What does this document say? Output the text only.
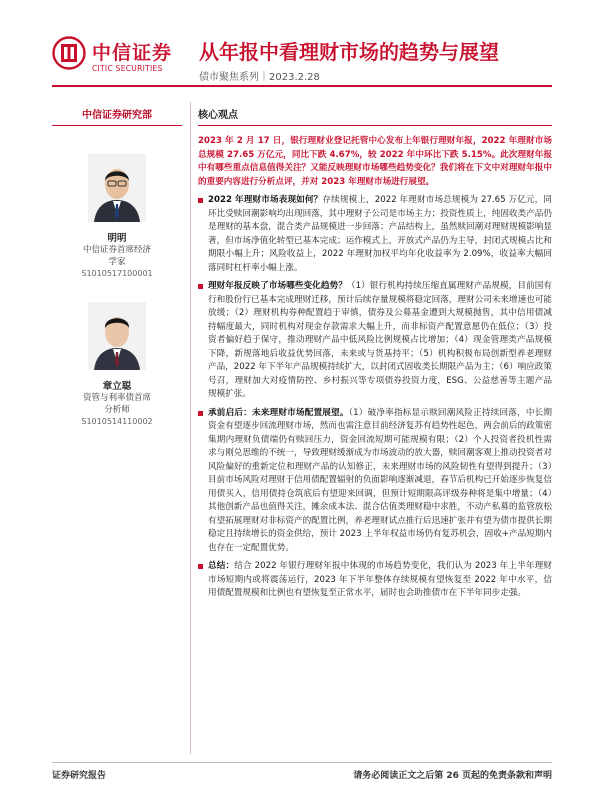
中信证券
CITIC SECURITIES
从年报中看理财市场的趋势与展望
债市聚焦系列｜2023.2.28
中信证券研究部
明明
中信证券首席经济
学家
S1010517100001
章立聪
资管与利率债首席
分析师
S1010514110002
核心观点

2023 年 2 月 17 日，银行理财业登记托管中心发布上年银行理财年报，2022 年理财市场总规模 27.65 万亿元，同比下跌 4.67%，较 2022 年中环比下跌 5.15%。此次理财年报中有哪些重点信息值得关注？又能反映理财市场哪些趋势变化？我们将在下文中对理财年报中的重要内容进行分析点评，并对 2023 年理财市场进行展望。

2022 年理财市场表现如何？存续规模上，2022 年理财市场总规模为 27.65 万亿元，同环比受赎回潮影响均出现回落，其中理财子公司是市场主力；投资性质上，纯固收类产品仍是理财的基本盘，混合类产品规模进一步回落；产品结构上，虽然赎回潮对理财规模影响显著，但市场净值化转型已基本完成；运作模式上，开放式产品仍为主导，封闭式规模占比和期限小幅上升；风险收益上，2022 年理财加权平均年化收益率为 2.09%，收益率大幅回落同时杠杆率小幅上涨。
理财年报反映了市场哪些变化趋势？（1）银行机构持续压缩直属理财产品规模，目前国有行和股份行已基本完成理财迁移，预计后续存量规模将稳定回落，理财公司未来增速也可能放缓；（2）理财机构券种配置趋于审慎，债券及公募基金遭到大规模抛售，其中信用债减持幅度最大，同时机构对现金存款需求大幅上升，而非标资产配置意愿仍在低位；（3）投资者偏好趋于保守，推动理财产品中低风险比例规模占比增加；（4）现金管理类产品规模下降，新规落地后收益优势回落，未来或与货基持平；（5）机构积极布局创新型养老理财产品，2022 年下半年产品规模持续扩大，以封闭式固收类长期限产品为主；（6）响应政策号召，理财加大对疫情防控、乡村振兴等专项债券投资力度，ESG、公益慈善等主题产品规模扩张。
承前启后：未来理财市场配置展望。（1）破净率指标显示赎回潮风险正持续回落，中长期资金有望逐步回流理财市场，然而也需注意目前经济复苏有趋势性起色，两会前后的政策密集期内理财负债端仍有赎回压力，资金回流短期可能规模有限；（2）个人投资者投机性需求与刚兑思维的不统一，导致理财缓渐成为市场波动的放大器，赎回潮客观上推动投资者对风险偏好的重新定位和理财产品的认知修正，未来理财市场的风险韧性有望得到提升；（3）目前市场风险对理财于信用债配置辐射的负面影响逐渐减退，春节后机构已开始逐步恢复信用债买入，信用债持仓筑底后有望迎来回调，但预计短期限高评级券种将是集中增量；（4）其他创新产品也值得关注，摊余成本法、混合估值类理财稳中求胜，不动产私募的监管放松有望拓展理财对非标资产的配置比例，养老理财试点推行后迅速扩张并有望为债市提供长期稳定且持续增长的资金供给，预计 2023 上半年权益市场仍有复苏机会，固收+产品短期内也存在一定配置优势。
总结：结合 2022 年银行理财年报中体现的市场趋势变化，我们认为 2023 年上半年理财市场短期内或将震荡运行，2023 年下半年整体存续规模有望恢复至 2022 年中水平，信用债配置规模和比例也有望恢复至正常水平，届时也会助推债市在下半年同步走强。
证券研究报告	请务必阅读正文之后第 26 页起的免责条款和声明
